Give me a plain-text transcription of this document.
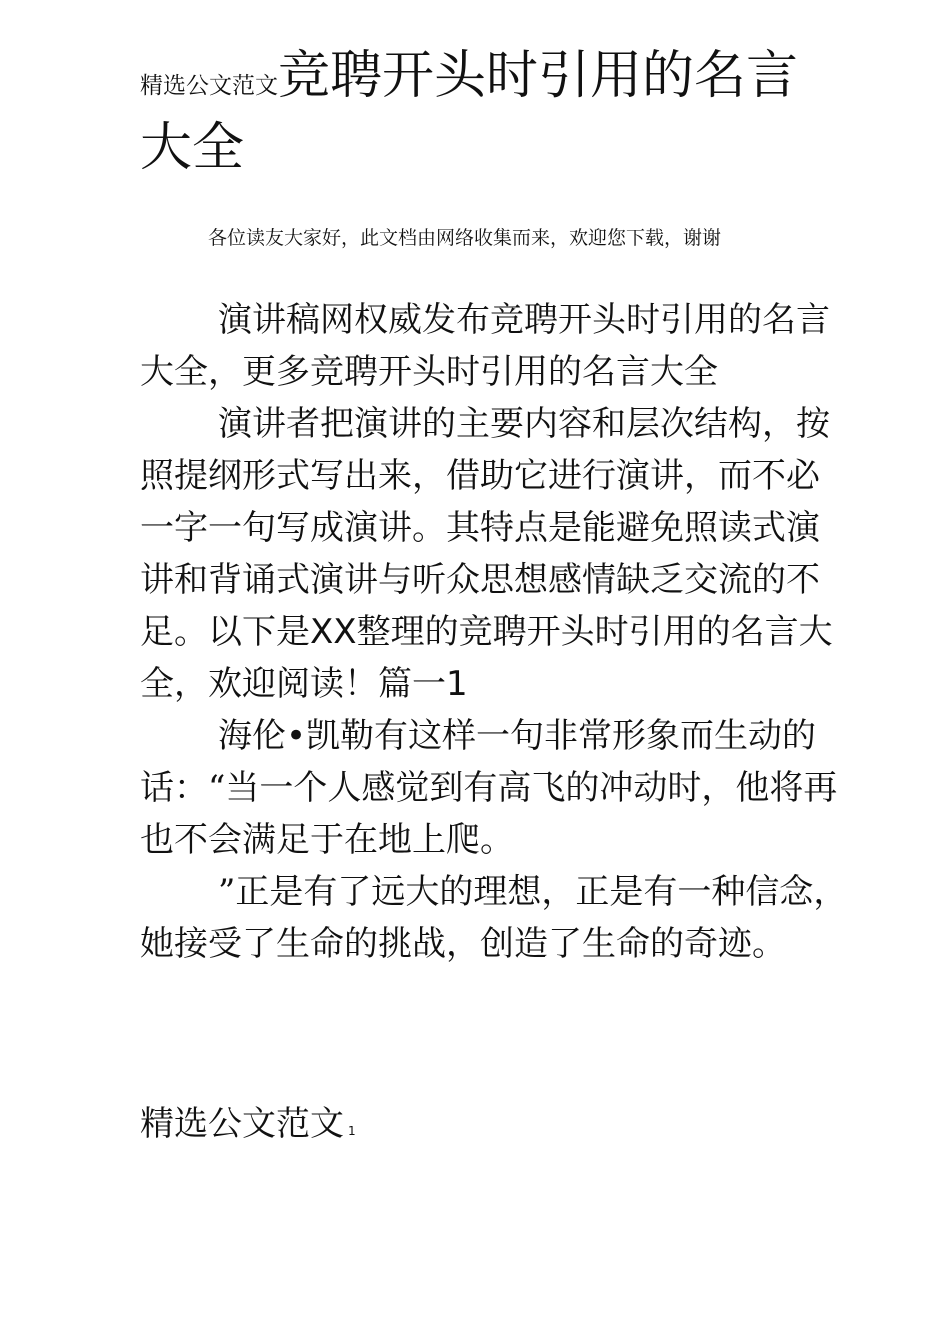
精选公文范文竞聘开头时引用的名言大全
各位读友大家好，此文档由网络收集而来，欢迎您下载，谢谢

演讲稿网权威发布竞聘开头时引用的名言大全，更多竞聘开头时引用的名言大全

演讲者把演讲的主要内容和层次结构，按照提纲形式写出来，借助它进行演讲，而不必一字一句写成演讲。其特点是能避免照读式演讲和背诵式演讲与听众思想感情缺乏交流的不足。以下是XX整理的竞聘开头时引用的名言大全，欢迎阅读！篇一1

海伦•凯勒有这样一句非常形象而生动的话：“当一个人感觉到有高飞的冲动时，他将再也不会满足于在地上爬。

”正是有了远大的理想，正是有一种信念，她接受了生命的挑战，创造了生命的奇迹。

精选公文范文 1
